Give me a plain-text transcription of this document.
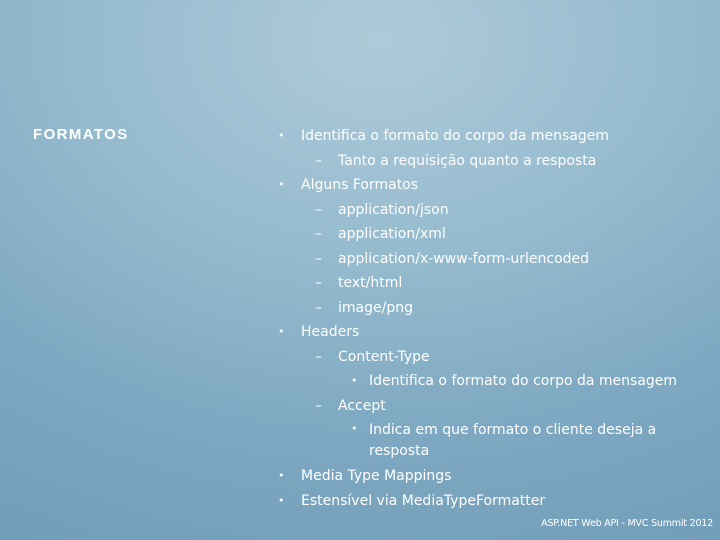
FORMATOS	• Identifica o formato do corpo da mensagem
– Tanto a requisição quanto a resposta
• Alguns Formatos
– application/json
– application/xml
– application/x-www-form-urlencoded
– text/html
– image/png
• Headers
– Content-Type
• Identifica o formato do corpo da mensagem
– Accept
• Indica em que formato o cliente deseja a resposta
• Media Type Mappings
• Estensível via MediaTypeFormatter
ASP.NET Web API - MVC Summit 2012
